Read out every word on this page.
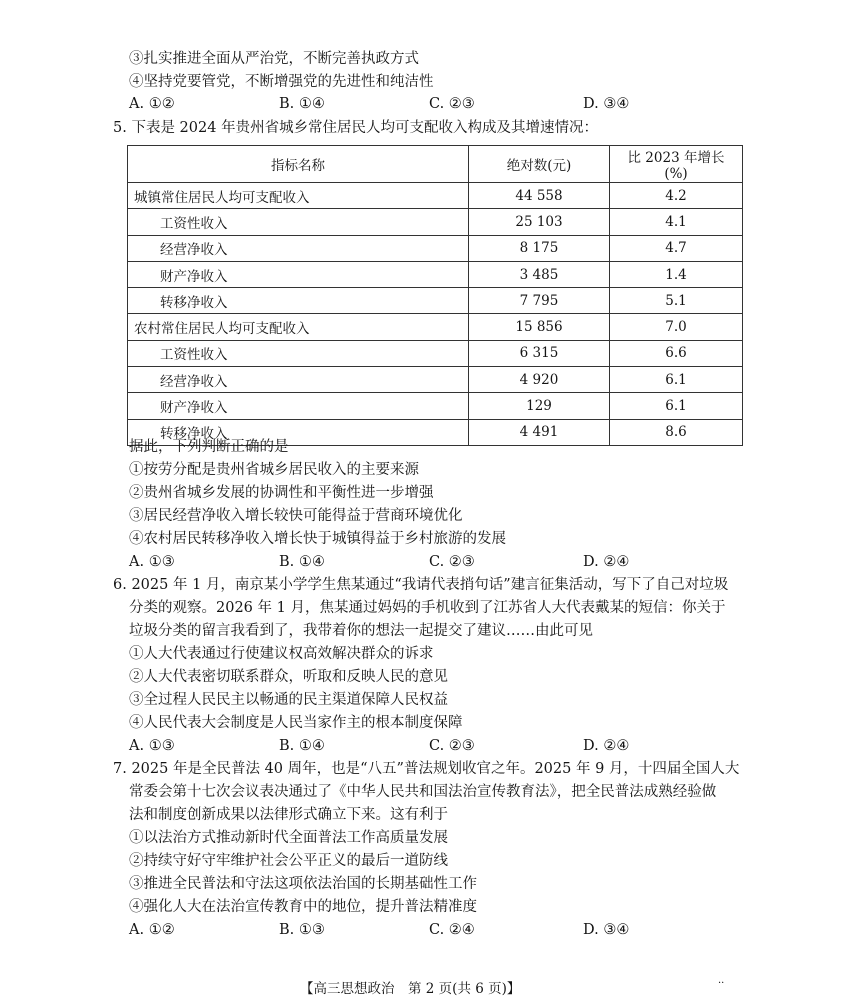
③扎实推进全面从严治党，不断完善执政方式
④坚持党要管党，不断增强党的先进性和纯洁性
A. ①②	B. ①④	C. ②③	D. ③④
5. 下表是 2024 年贵州省城乡常住居民人均可支配收入构成及其增速情况：
指标名称	绝对数(元)	比 2023 年增长(%)
城镇常住居民人均可支配收入	44 558	4.2
工资性收入	25 103	4.1
经营净收入	8 175	4.7
财产净收入	3 485	1.4
转移净收入	7 795	5.1
农村常住居民人均可支配收入	15 856	7.0
工资性收入	6 315	6.6
经营净收入	4 920	6.1
财产净收入	129	6.1
转移净收入	4 491	8.6
据此，下列判断正确的是
①按劳分配是贵州省城乡居民收入的主要来源
②贵州省城乡发展的协调性和平衡性进一步增强
③居民经营净收入增长较快可能得益于营商环境优化
④农村居民转移净收入增长快于城镇得益于乡村旅游的发展
A. ①③	B. ①④	C. ②③	D. ②④
6. 2025 年 1 月，南京某小学学生焦某通过“我请代表捎句话”建言征集活动，写下了自己对垃圾
分类的观察。2026 年 1 月，焦某通过妈妈的手机收到了江苏省人大代表戴某的短信：你关于
垃圾分类的留言我看到了，我带着你的想法一起提交了建议……由此可见
①人大代表通过行使建议权高效解决群众的诉求
②人大代表密切联系群众，听取和反映人民的意见
③全过程人民民主以畅通的民主渠道保障人民权益
④人民代表大会制度是人民当家作主的根本制度保障
A. ①③	B. ①④	C. ②③	D. ②④
7. 2025 年是全民普法 40 周年，也是“八五”普法规划收官之年。2025 年 9 月，十四届全国人大
常委会第十七次会议表决通过了《中华人民共和国法治宣传教育法》，把全民普法成熟经验做
法和制度创新成果以法律形式确立下来。这有利于
①以法治方式推动新时代全面普法工作高质量发展
②持续守好守牢维护社会公平正义的最后一道防线
③推进全民普法和守法这项依法治国的长期基础性工作
④强化人大在法治宣传教育中的地位，提升普法精准度
A. ①②	B. ①③	C. ②④	D. ③④
【高三思想政治　第 2 页(共 6 页)】	··
